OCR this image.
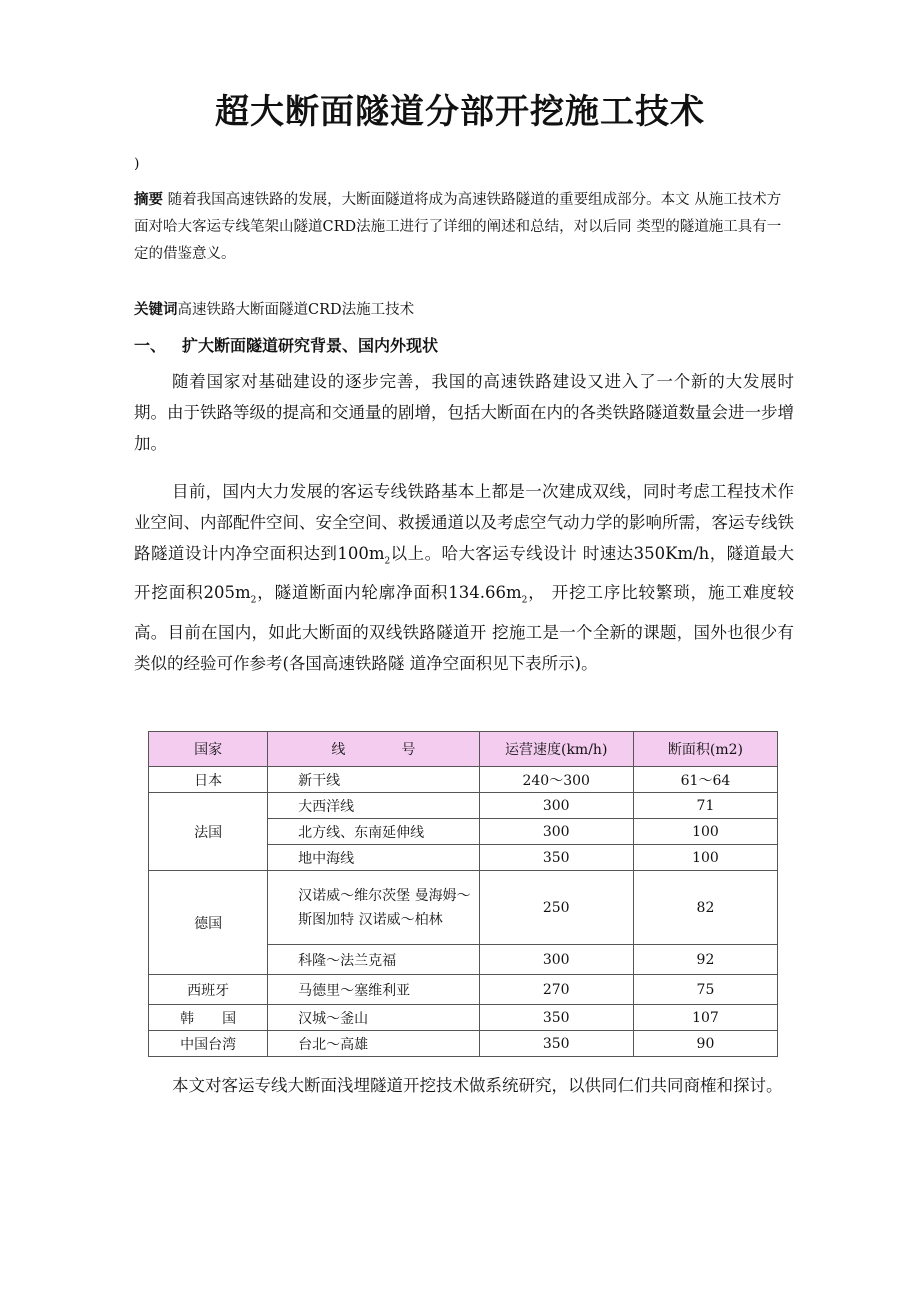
超大断面隧道分部开挖施工技术
)
摘要 随着我国高速铁路的发展，大断面隧道将成为高速铁路隧道的重要组成部分。本文 从施工技术方面对哈大客运专线笔架山隧道CRD法施工进行了详细的阐述和总结，对以后同 类型的隧道施工具有一定的借鉴意义。
关键词高速铁路大断面隧道CRD法施工技术
一、 扩大断面隧道研究背景、国内外现状

随着国家对基础建设的逐步完善，我国的高速铁路建设又进入了一个新的大发展时期。由于铁路等级的提高和交通量的剧增，包括大断面在内的各类铁路隧道数量会进一步增加。

目前，国内大力发展的客运专线铁路基本上都是一次建成双线，同时考虑工程技术作业空间、内部配件空间、安全空间、救援通道以及考虑空气动力学的影响所需，客运专线铁路隧道设计内净空面积达到$100m_2$以上。哈大客运专线设计 时速达350Km/h，隧道最大开挖面积$205m_2$，隧道断面内轮廓净面积$134.66m_2$， 开挖工序比较繁琐，施工难度较高。目前在国内，如此大断面的双线铁路隧道开 挖施工是一个全新的课题，国外也很少有类似的经验可作参考(各国高速铁路隧 道净空面积见下表所示)。

国家	线　　　　号	运营速度(km/h)	断面积(m2)
日本	新干线	240～300	61～64
法国	大西洋线	300	71
	北方线、东南延伸线	300	100
	地中海线	350	100
德国	汉诺威～维尔茨堡 曼海姆～斯图加特 汉诺威～柏林	250	82
	科隆～法兰克福	300	92
西班牙	马德里～塞维利亚	270	75
韩　　国	汉城～釜山	350	107
中国台湾	台北～高雄	350	90

本文对客运专线大断面浅埋隧道开挖技术做系统研究，以供同仁们共同商榷和探讨。
